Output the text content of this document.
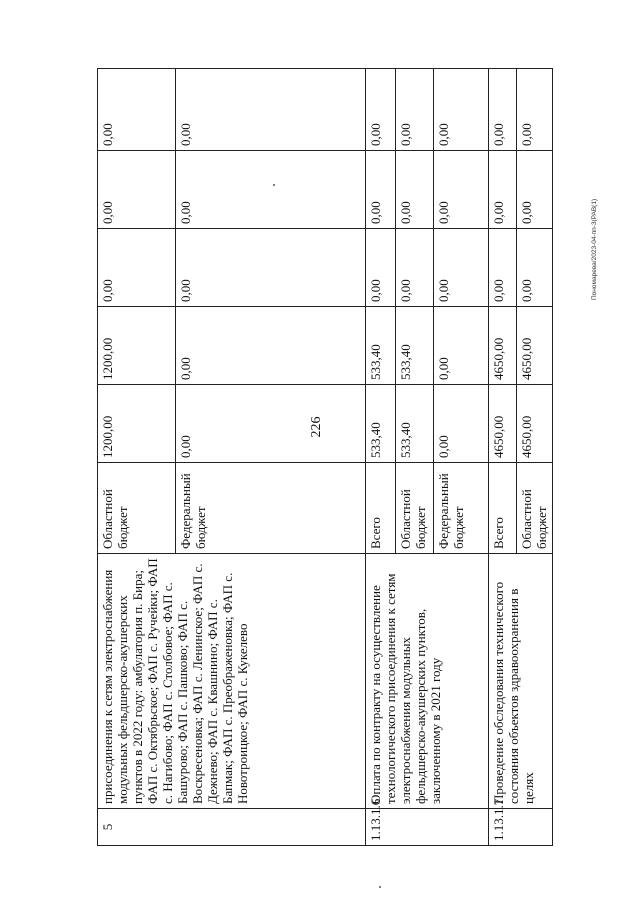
226
Пономарева/2023-04-пп-3(РАВ(1)
5	присоединения к сетям электроснабжения модульных фельдшерско-акушерских пунктов в 2022 году: амбулатория п. Бира; ФАП с. Октябрьское; ФАП с. Ручейки; ФАП с. Нагибово; ФАП с. Столбовое; ФАП с. Башурово; ФАП с. Пашково; ФАП с. Воскресеновка; ФАП с. Ленинское; ФАП с. Дежнево; ФАП с. Квашнино; ФАП с. Бапмак; ФАП с. Преображеновка; ФАП с. Новотроицкое; ФАП с. Кукелево	Областной бюджет	1200,00	1200,00	0,00	0,00	0,00
		Федеральный бюджет	0,00	0,00	0,00	0,00	0,00
1.13.1.6	Оплата по контракту на осуществление технологического присоединения к сетям электроснабжения модульных фельдшерско-акушерских пунктов, заключенному в 2021 году	Всего	533,40	533,40	0,00	0,00	0,00
		Областной бюджет	533,40	533,40	0,00	0,00	0,00
		Федеральный бюджет	0,00	0,00	0,00	0,00	0,00
1.13.1.7	Проведение обследования технического состояния объектов здравоохранения в целях	Всего	4650,00	4650,00	0,00	0,00	0,00
		Областной бюджет	4650,00	4650,00	0,00	0,00	0,00
